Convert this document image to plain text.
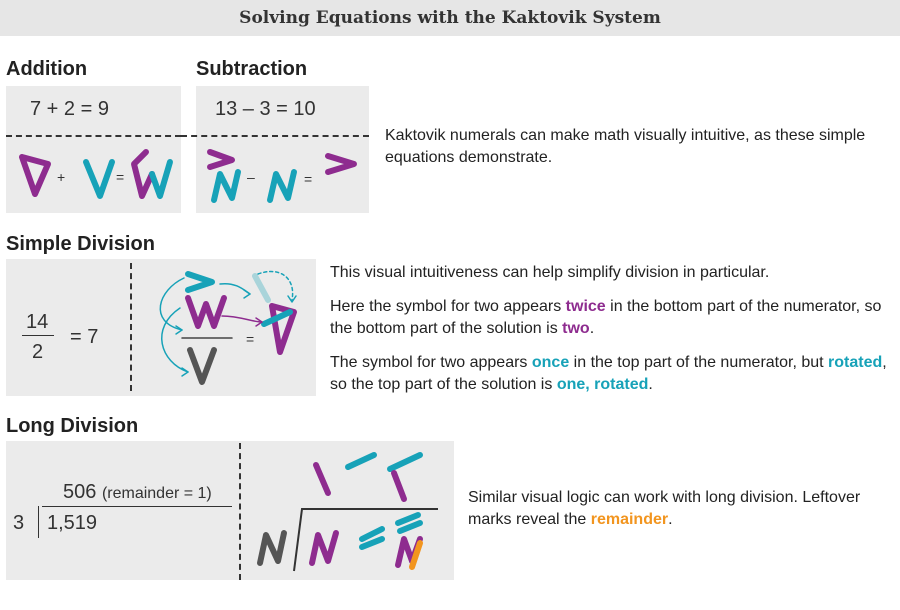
Solving Equations with the Kaktovik System
Addition
7 + 2 = 9
+	=
Subtraction
13 – 3 = 10
–	=
Kaktovik numerals can make math visually intuitive, as these simple equations demonstrate.
Simple Division
14
2
= 7	=
This visual intuitiveness can help simplify division in particular.
Here the symbol for two appears twice in the bottom part of the numerator, so the bottom part of the solution is two.
The symbol for two appears once in the top part of the numerator, but rotated, so the top part of the solution is one, rotated.
Long Division
506 (remainder = 1)
3 1,519
Similar visual logic can work with long division. Leftover marks reveal the remainder.
